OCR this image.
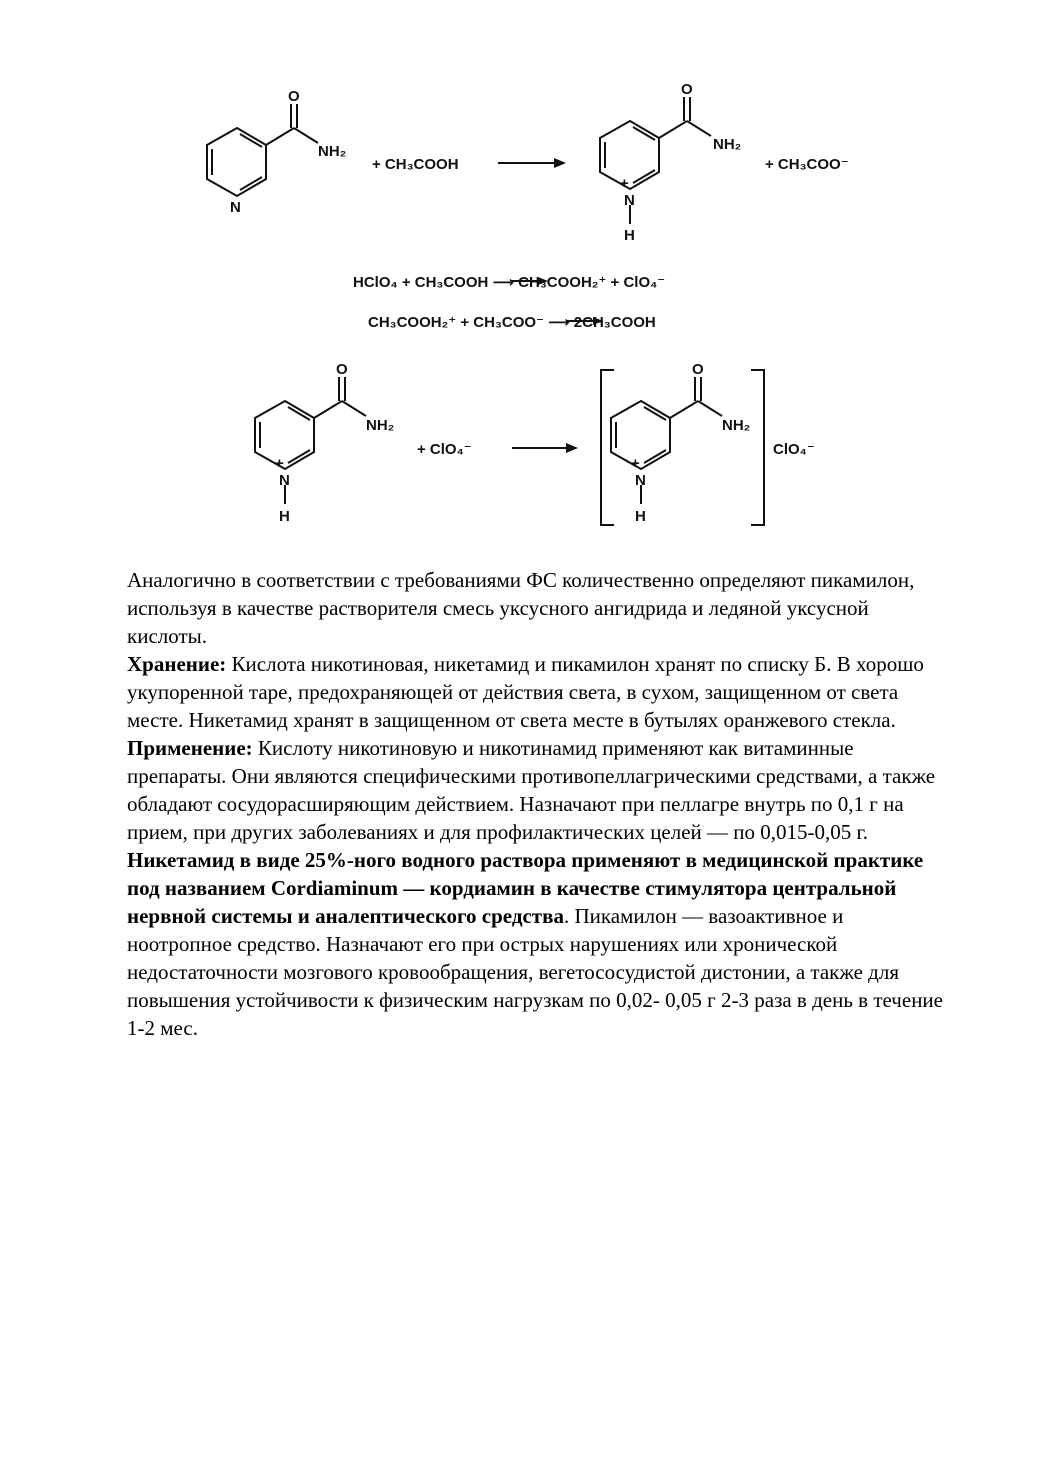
O
NH₂
N
+ CH₃COOH
O
NH₂
+
N
H
+ CH₃COO⁻
HClO₄ + CH₃COOH ⟶ CH₃COOH₂⁺ + ClO₄⁻
CH₃COOH₂⁺ + CH₃COO⁻ ⟶ 2CH₃COOH
O
NH₂
+
N
H
+ ClO₄⁻
O
NH₂
+
N
H
ClO₄⁻

Аналогично в соответствии с требованиями ФС количественно определяют пикамилон, используя в качестве растворителя смесь уксусного ангидрида и ледяной уксусной кислоты.

Хранение: Кислота никотиновая, никетамид и пикамилон хранят по списку Б. В хорошо укупоренной таре, предохраняющей от действия света, в сухом, защищенном от света месте. Никетамид хранят в защищенном от света месте в бутылях оранжевого стекла.

Применение: Кислоту никотиновую и никотинамид применяют как витаминные препараты. Они являются специфическими противопеллагрическими средствами, а также обладают сосудорасширяющим действием. Назначают при пеллагре внутрь по 0,1 г на прием, при других заболеваниях и для профилактических целей — по 0,015-0,05 г. Никетамид в виде 25%-ного водного раствора применяют в медицинской практике под названием Cordiaminum — кордиамин в качестве стимулятора центральной нервной системы и аналептического средства. Пикамилон — вазоактивное и ноотропное средство. Назначают его при острых нарушениях или хронической недостаточности мозгового кровообращения, вегетососудистой дистонии, а также для повышения устойчивости к физическим нагрузкам по 0,02- 0,05 г 2-3 раза в день в течение 1-2 мес.
